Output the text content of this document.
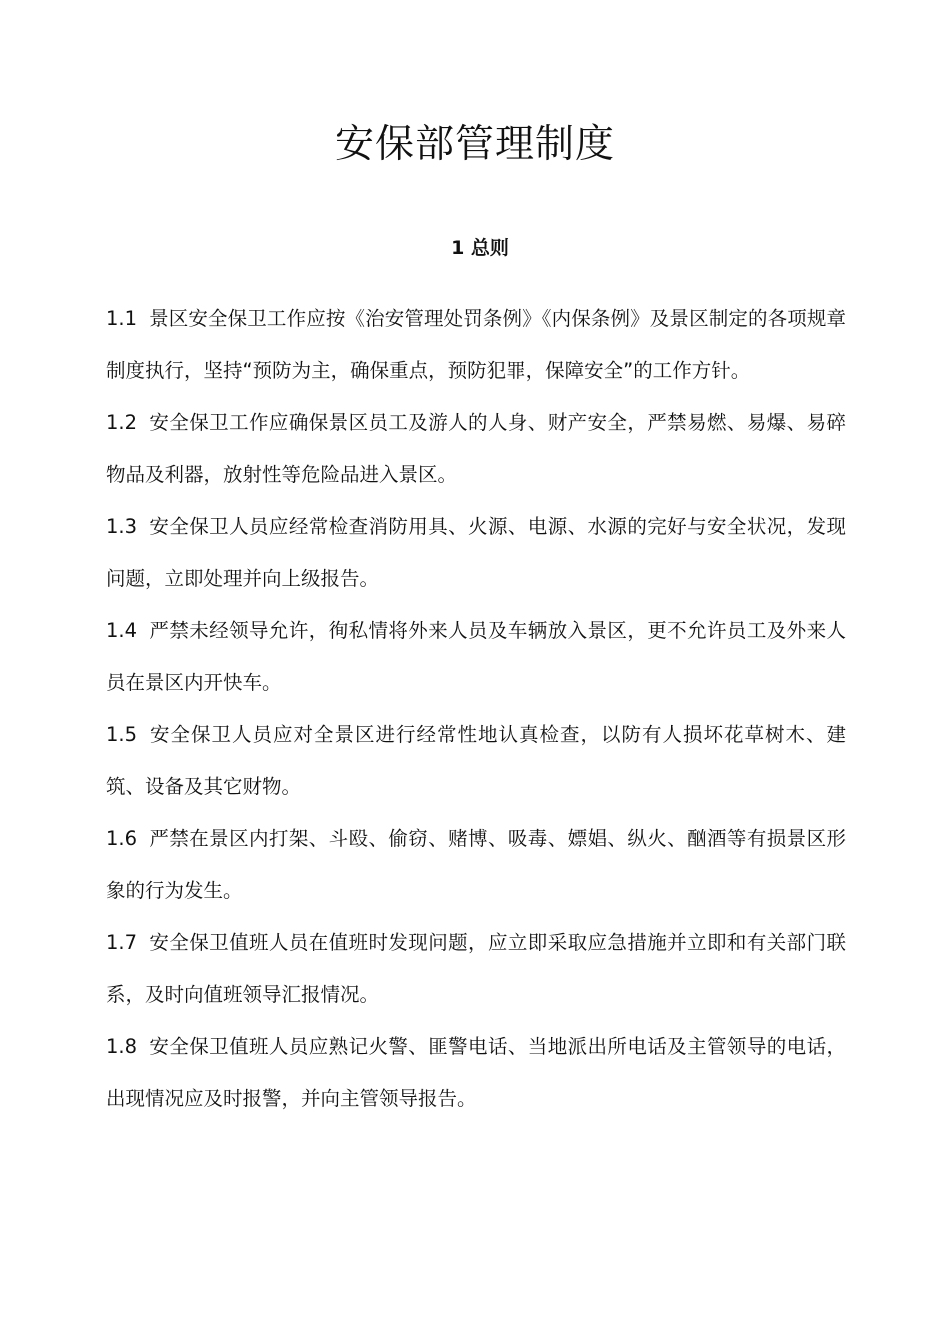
安保部管理制度
1 总则
1.1 景区安全保卫工作应按《治安管理处罚条例》《内保条例》及景区制定的各项规章制度执行，坚持“预防为主，确保重点，预防犯罪，保障安全”的工作方针。
1.2 安全保卫工作应确保景区员工及游人的人身、财产安全，严禁易燃、易爆、易碎物品及利器，放射性等危险品进入景区。
1.3 安全保卫人员应经常检查消防用具、火源、电源、水源的完好与安全状况，发现问题，立即处理并向上级报告。
1.4 严禁未经领导允许，徇私情将外来人员及车辆放入景区，更不允许员工及外来人员在景区内开快车。
1.5 安全保卫人员应对全景区进行经常性地认真检查，以防有人损坏花草树木、建筑、设备及其它财物。
1.6 严禁在景区内打架、斗殴、偷窃、赌博、吸毒、嫖娼、纵火、酗酒等有损景区形象的行为发生。
1.7 安全保卫值班人员在值班时发现问题，应立即采取应急措施并立即和有关部门联系，及时向值班领导汇报情况。
1.8 安全保卫值班人员应熟记火警、匪警电话、当地派出所电话及主管领导的电话，出现情况应及时报警，并向主管领导报告。
